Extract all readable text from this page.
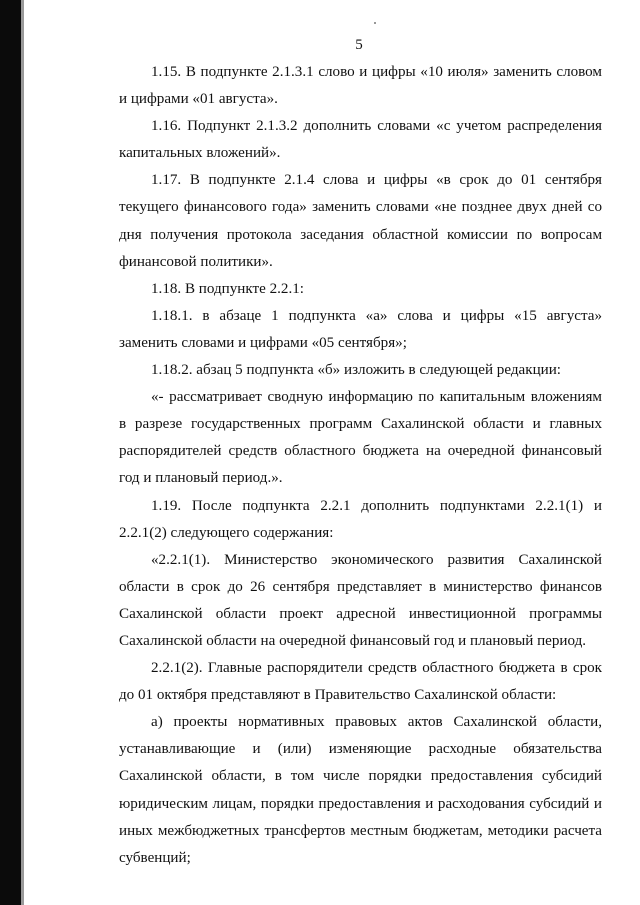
5

1.15. В подпункте 2.1.3.1 слово и цифры «10 июля» заменить словом и цифрами «01 августа».

1.16. Подпункт 2.1.3.2 дополнить словами «с учетом распределения капитальных вложений».

1.17. В подпункте 2.1.4 слова и цифры «в срок до 01 сентября текущего финансового года» заменить словами «не позднее двух дней со дня получения протокола заседания областной комиссии по вопросам финансовой политики».

1.18. В подпункте 2.2.1:

1.18.1. в абзаце 1 подпункта «а» слова и цифры «15 августа» заменить словами и цифрами «05 сентября»;

1.18.2. абзац 5 подпункта «б» изложить в следующей редакции:

«- рассматривает сводную информацию по капитальным вложениям в разрезе государственных программ Сахалинской области и главных распорядителей средств областного бюджета на очередной финансовый год и плановый период.».

1.19. После подпункта 2.2.1 дополнить подпунктами 2.2.1(1) и 2.2.1(2) следующего содержания:

«2.2.1(1). Министерство экономического развития Сахалинской области в срок до 26 сентября представляет в министерство финансов Сахалинской области проект адресной инвестиционной программы Сахалинской области на очередной финансовый год и плановый период.

2.2.1(2). Главные распорядители средств областного бюджета в срок до 01 октября представляют в Правительство Сахалинской области:

а) проекты нормативных правовых актов Сахалинской области, устанавливающие и (или) изменяющие расходные обязательства Сахалинской области, в том числе порядки предоставления субсидий юридическим лицам, порядки предоставления и расходования субсидий и иных межбюджетных трансфертов местным бюджетам, методики расчета субвенций;
